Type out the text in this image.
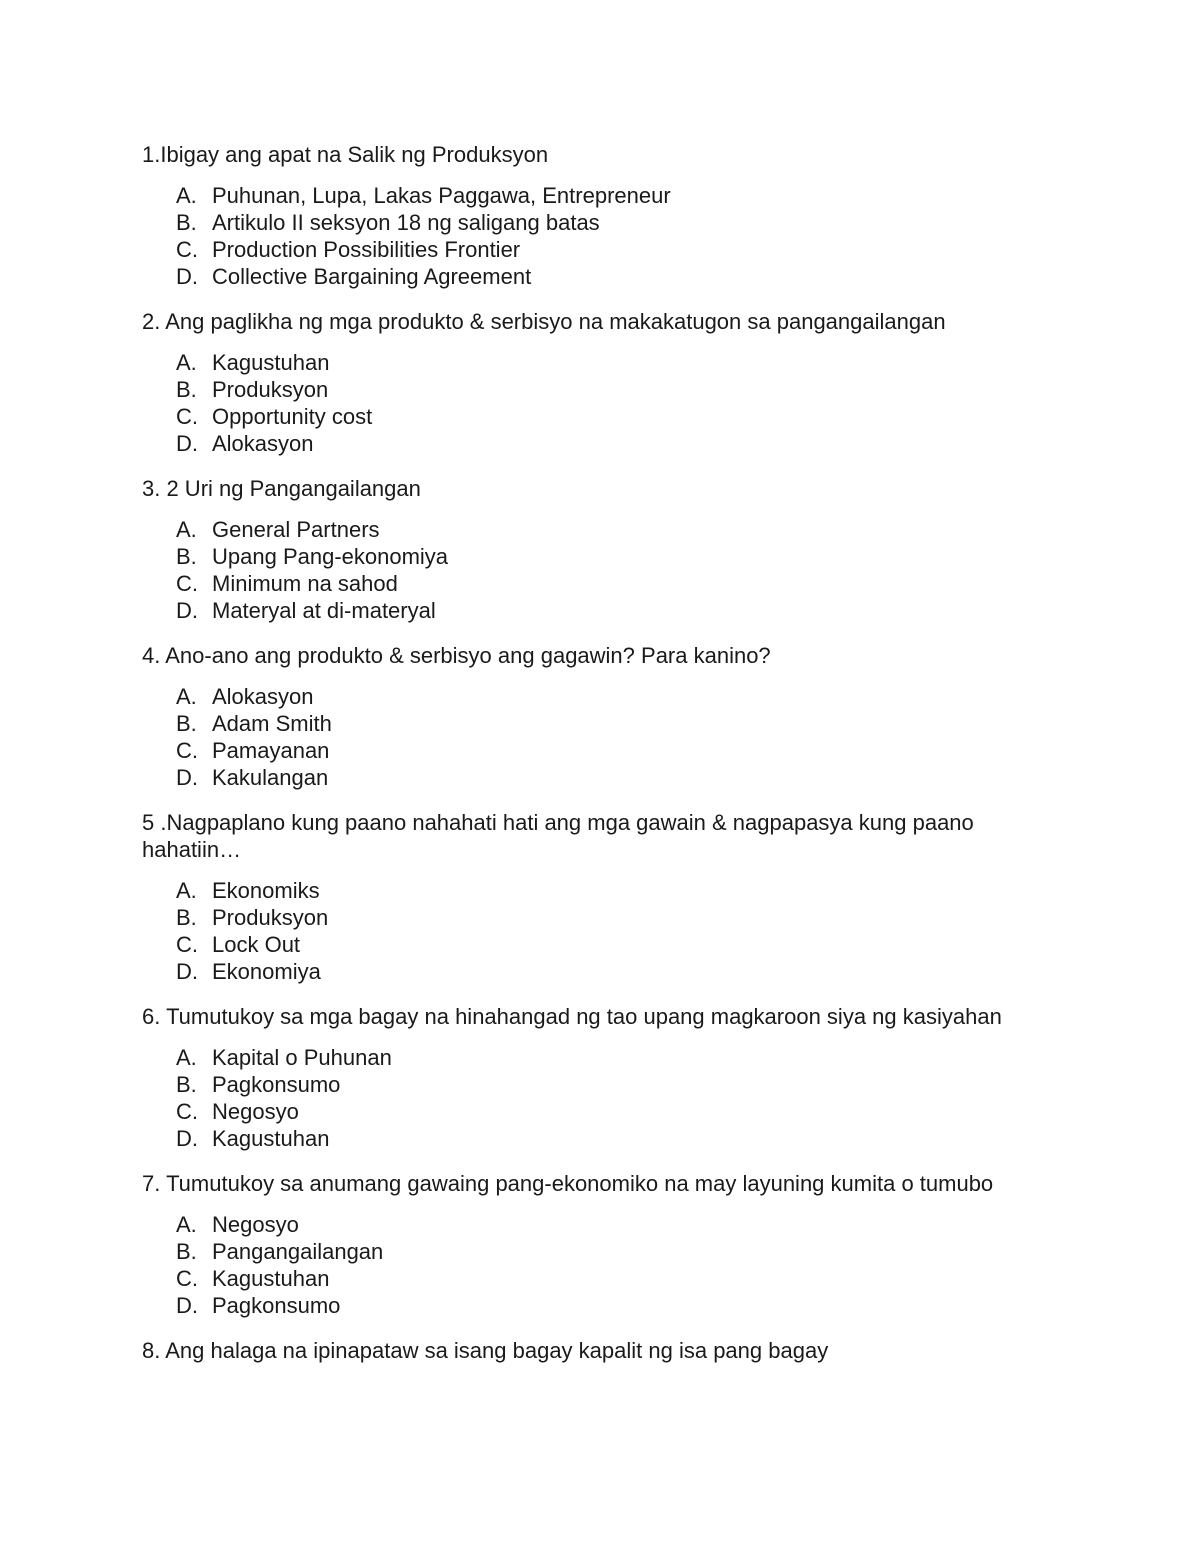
1.Ibigay ang apat na Salik ng Produksyon

A. Puhunan, Lupa, Lakas Paggawa, Entrepreneur
B. Artikulo II seksyon 18 ng saligang batas
C. Production Possibilities Frontier
D. Collective Bargaining Agreement

2. Ang paglikha ng mga produkto & serbisyo na makakatugon sa pangangailangan

A. Kagustuhan
B. Produksyon
C. Opportunity cost
D. Alokasyon

3. 2 Uri ng Pangangailangan

A. General Partners
B. Upang Pang-ekonomiya
C. Minimum na sahod
D. Materyal at di-materyal

4. Ano-ano ang produkto & serbisyo ang gagawin? Para kanino?

A. Alokasyon
B. Adam Smith
C. Pamayanan
D. Kakulangan

5 .Nagpaplano kung paano nahahati hati ang mga gawain & nagpapasya kung paano hahatiin…

A. Ekonomiks
B. Produksyon
C. Lock Out
D. Ekonomiya

6. Tumutukoy sa mga bagay na hinahangad ng tao upang magkaroon siya ng kasiyahan

A. Kapital o Puhunan
B. Pagkonsumo
C. Negosyo
D. Kagustuhan

7. Tumutukoy sa anumang gawaing pang-ekonomiko na may layuning kumita o tumubo

A. Negosyo
B. Pangangailangan
C. Kagustuhan
D. Pagkonsumo

8. Ang halaga na ipinapataw sa isang bagay kapalit ng isa pang bagay
